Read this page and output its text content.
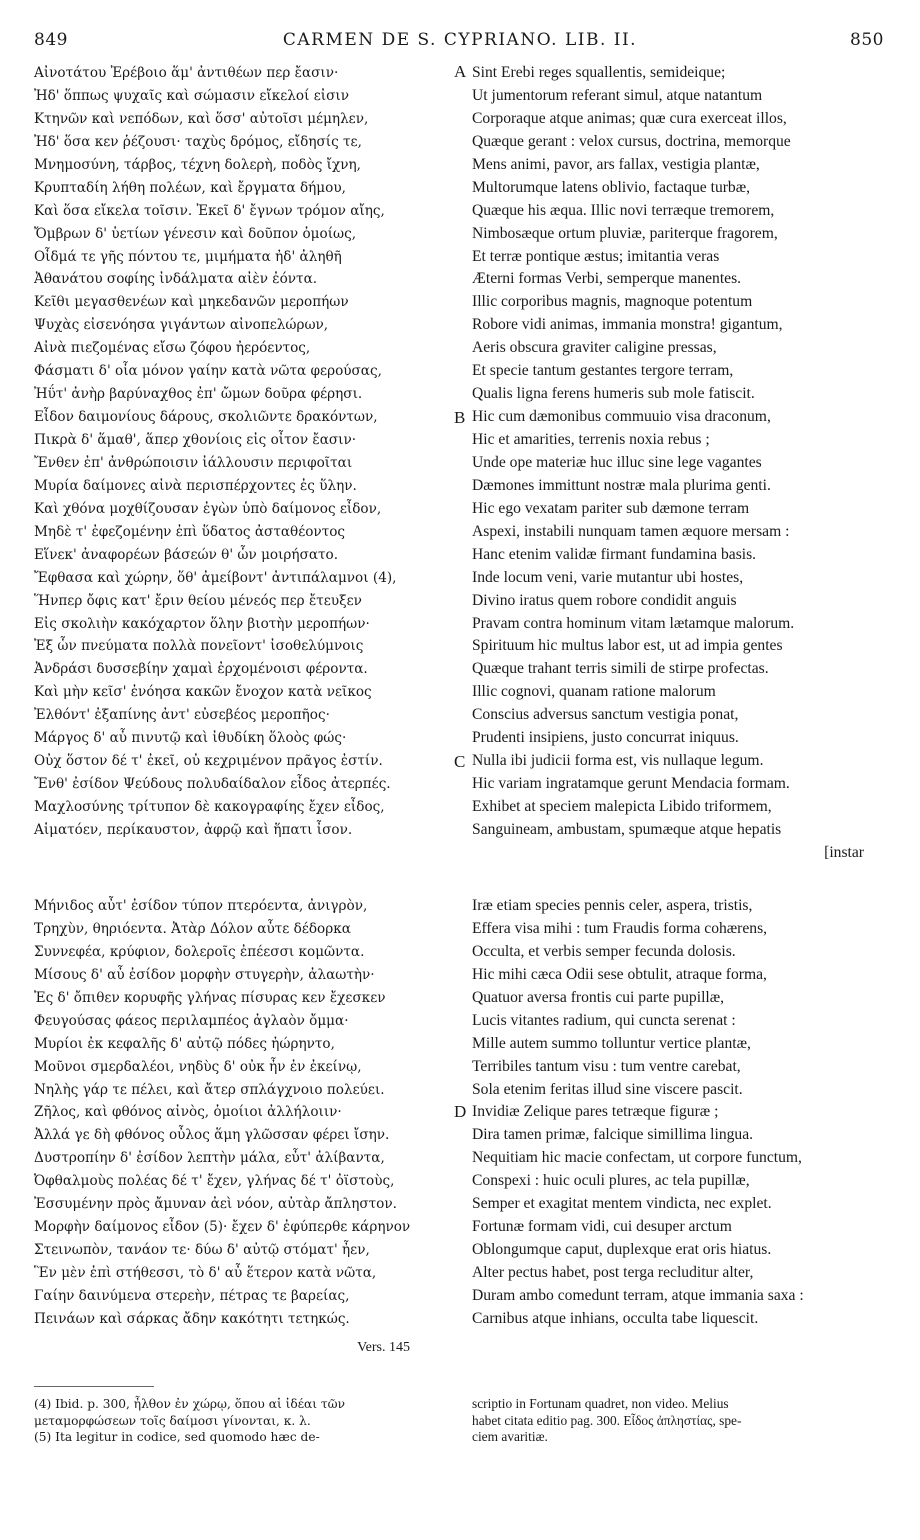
849	CARMEN DE S. CYPRIANO. LIB. II.	850
Αἰνοτάτου Ἐρέβοιο ἅμ' ἀντιθέων περ ἔασιν·
Ἠδ' ὅππως ψυχαῖς καὶ σώμασιν εἴκελοί εἰσιν
Κτηνῶν καὶ νεπόδων, καὶ ὅσσ' αὐτοῖσι μέμηλεν,
Ἠδ' ὅσα κεν ῥέζουσι· ταχὺς δρόμος, εἴδησίς τε,
Μνημοσύνη, τάρβος, τέχνη δολερὴ, ποδὸς ἴχνη,
Κρυπταδίη λήθη πολέων, καὶ ἔργματα δήμου,
Καὶ ὅσα εἴκελα τοῖσιν. Ἐκεῖ δ' ἔγνων τρόμον αἴης,
Ὄμβρων δ' ὑετίων γένεσιν καὶ δοῦπον ὁμοίως,
Οἶδμά τε γῆς πόντου τε, μιμήματα ἠδ' ἀληθῆ
Ἀθανάτου σοφίης ἰνδάλματα αἰὲν ἐόντα.
Κεῖθι μεγασθενέων καὶ μηκεδανῶν μεροπήων
Ψυχὰς εἰσενόησα γιγάντων αἰνοπελώρων,
Αἰνὰ πιεζομένας εἴσω ζόφου ἠερόεντος,
Φάσματι δ' οἷα μόνον γαίην κατὰ νῶτα φερούσας,
Ἠΰτ' ἀνὴρ βαρύναχθος ἐπ' ὤμων δοῦρα φέρησι.
Εἶδον δαιμονίους δάρους, σκολιῶντε δρακόντων,
Πικρὰ δ' ἅμαθ', ἅπερ χθονίοις εἰς οἶτον ἔασιν·
Ἔνθεν ἐπ' ἀνθρώποισιν ἰάλλουσιν περιφοῖται
Μυρία δαίμονες αἰνὰ περισπέρχοντες ἐς ὕλην.
Καὶ χθόνα μοχθίζουσαν ἐγὼν ὑπὸ δαίμονος εἶδον,
Μηδὲ τ' ἐφεζομένην ἐπὶ ὕδατος ἀσταθέοντος
Εἵνεκ' ἀναφορέων βάσεών θ' ὧν μοιρήσατο.
Ἔφθασα καὶ χώρην, ὅθ' ἀμείβοντ' ἀντιπάλαμνοι (4),
Ἥνπερ ὄφις κατ' ἔριν θείου μένεός περ ἔτευξεν
Εἰς σκολιὴν κακόχαρτον ὅλην βιοτὴν μεροπήων·
Ἐξ ὧν πνεύματα πολλὰ πονεῖοντ' ἰσοθελύμνοις
Ἀνδράσι δυσσεβίην χαμαὶ ἐρχομένοισι φέροντα.
Καὶ μὴν κεῖσ' ἐνόησα κακῶν ἔνοχον κατὰ νεῖκος
Ἐλθόντ' ἐξαπίνης ἀντ' εὐσεβέος μεροπῆος·
Μάργος δ' αὖ πινυτῷ καὶ ἰθυδίκη ὅλοὸς φώς·
Οὐχ ὅστον δέ τ' ἐκεῖ, οὐ κεχριμένον πρᾶγος ἐστίν.
Ἔνθ' ἐσίδον Ψεύδους πολυδαίδαλον εἶδος ἀτερπές.
Μαχλοσύνης τρίτυπον δὲ κακογραφίης ἔχεν εἶδος,
Αἱματόεν, περίκαυστον, ἀφρῷ καὶ ἥπατι ἶσον.
Sint Erebi reges squallentis, semideique;
Ut jumentorum referant simul, atque natantum
Corporaque atque animas; quæ cura exerceat illos,
Quæque gerant : velox cursus, doctrina, memorque
Mens animi, pavor, ars fallax, vestigia plantæ,
Multorumque latens oblivio, factaque turbæ,
Quæque his æqua. Illic novi terræque tremorem,
Nimbosæque ortum pluviæ, pariterque fragorem,
Et terræ pontique æstus; imitantia veras
Æterni formas Verbi, semperque manentes.
Illic corporibus magnis, magnoque potentum
Robore vidi animas, immania monstra! gigantum,
Aeris obscura graviter caligine pressas,
Et specie tantum gestantes tergore terram,
Qualis ligna ferens humeris sub mole fatiscit.
Hic cum dæmonibus commuuio visa draconum,
Hic et amarities, terrenis noxia rebus ;
Unde ope materiæ huc illuc sine lege vagantes
Dæmones immittunt nostræ mala plurima genti.
Hic ego vexatam pariter sub dæmone terram
Aspexi, instabili nunquam tamen æquore mersam :
Hanc etenim validæ firmant fundamina basis.
Inde locum veni, varie mutantur ubi hostes,
Divino iratus quem robore condidit anguis
Pravam contra hominum vitam lætamque malorum.
Spirituum hic multus labor est, ut ad impia gentes
Quæque trahant terris simili de stirpe profectas.
Illic cognovi, quanam ratione malorum
Conscius adversus sanctum vestigia ponat,
Prudenti insipiens, justo concurrat iniquus.
Nulla ibi judicii forma est, vis nullaque legum.
Hic variam ingratamque gerunt Mendacia formam.
Exhibet at speciem malepicta Libido triformem,
Sanguineam, ambustam, spumæque atque hepatis
[instar
Μήνιδος αὖτ' ἐσίδον τύπον πτερόεντα, ἀνιγρὸν,
Τρηχὺν, θηριόεντα. Ἀτὰρ Δόλον αὖτε δέδορκα
Συννεφέα, κρύφιον, δολεροῖς ἐπέεσσι κομῶντα.
Μίσους δ' αὖ ἐσίδον μορφὴν στυγερὴν, ἀλαωτὴν·
Ἐς δ' ὄπιθεν κορυφῆς γλήνας πίσυρας κεν ἔχεσκεν
Φευγούσας φάεος περιλαμπέος ἀγλαὸν ὄμμα·
Μυρίοι ἐκ κεφαλῆς δ' αὐτῷ πόδες ἠώρηντο,
Μοῦνοι σμερδαλέοι, νηδὺς δ' οὐκ ἦν ἐν ἐκείνῳ,
Νηλὴς γάρ τε πέλει, καὶ ἄτερ σπλάγχνοιο πολεύει.
Ζῆλος, καὶ φθόνος αἰνὸς, ὁμοίιοι ἀλλήλοιιν·
Ἀλλά γε δὴ φθόνος οὖλος ἅμη γλῶσσαν φέρει ἴσην.
Δυστροπίην δ' ἐσίδον λεπτὴν μάλα, εὖτ' ἀλίβαντα,
Ὀφθαλμοὺς πολέας δέ τ' ἔχεν, γλήνας δέ τ' ὀϊστοὺς,
Ἐσσυμένην πρὸς ἄμυναν ἀεὶ νόον, αὐτὰρ ἄπληστον.
Μορφὴν δαίμονος εἶδον (5)· ἔχεν δ' ἐφύπερθε κάρηνον
Στεινωπὸν, τανάον τε· δύω δ' αὐτῷ στόματ' ἦεν,
Ἓν μὲν ἐπὶ στήθεσσι, τὸ δ' αὖ ἕτερον κατὰ νῶτα,
Γαίην δαινύμενα στερεὴν, πέτρας τε βαρείας,
Πεινάων καὶ σάρκας ἄδην κακότητι τετηκώς.
Iræ etiam species pennis celer, aspera, tristis,
Effera visa mihi : tum Fraudis forma cohærens,
Occulta, et verbis semper fecunda dolosis.
Hic mihi cæca Odii sese obtulit, atraque forma,
Quatuor aversa frontis cui parte pupillæ,
Lucis vitantes radium, qui cuncta serenat :
Mille autem summo tolluntur vertice plantæ,
Terribiles tantum visu : tum ventre carebat,
Sola etenim feritas illud sine viscere pascit.
Invidiæ Zelique pares tetræque figuræ ;
Dira tamen primæ, falcique simillima lingua.
Nequitiam hic macie confectam, ut corpore functum,
Conspexi : huic oculi plures, ac tela pupillæ,
Semper et exagitat mentem vindicta, nec explet.
Fortunæ formam vidi, cui desuper arctum
Oblongumque caput, duplexque erat oris hiatus.
Alter pectus habet, post terga recluditur alter,
Duram ambo comedunt terram, atque immania saxa :
Carnibus atque inhians, occulta tabe liquescit.
A
B
C
D
Vers. 145
(4) Ibid. p. 300, ἦλθον ἐν χώρῳ, ὅπου αἱ ἰδέαι τῶν
μεταμορφώσεων τοῖς δαίμοσι γίνονται, κ. λ.
(5) Ita legitur in codice, sed quomodo hæc de-
scriptio in Fortunam quadret, non video. Melius
habet citata editio pag. 300. Εἶδος ἀπληστίας, spe-
ciem avaritiæ.
